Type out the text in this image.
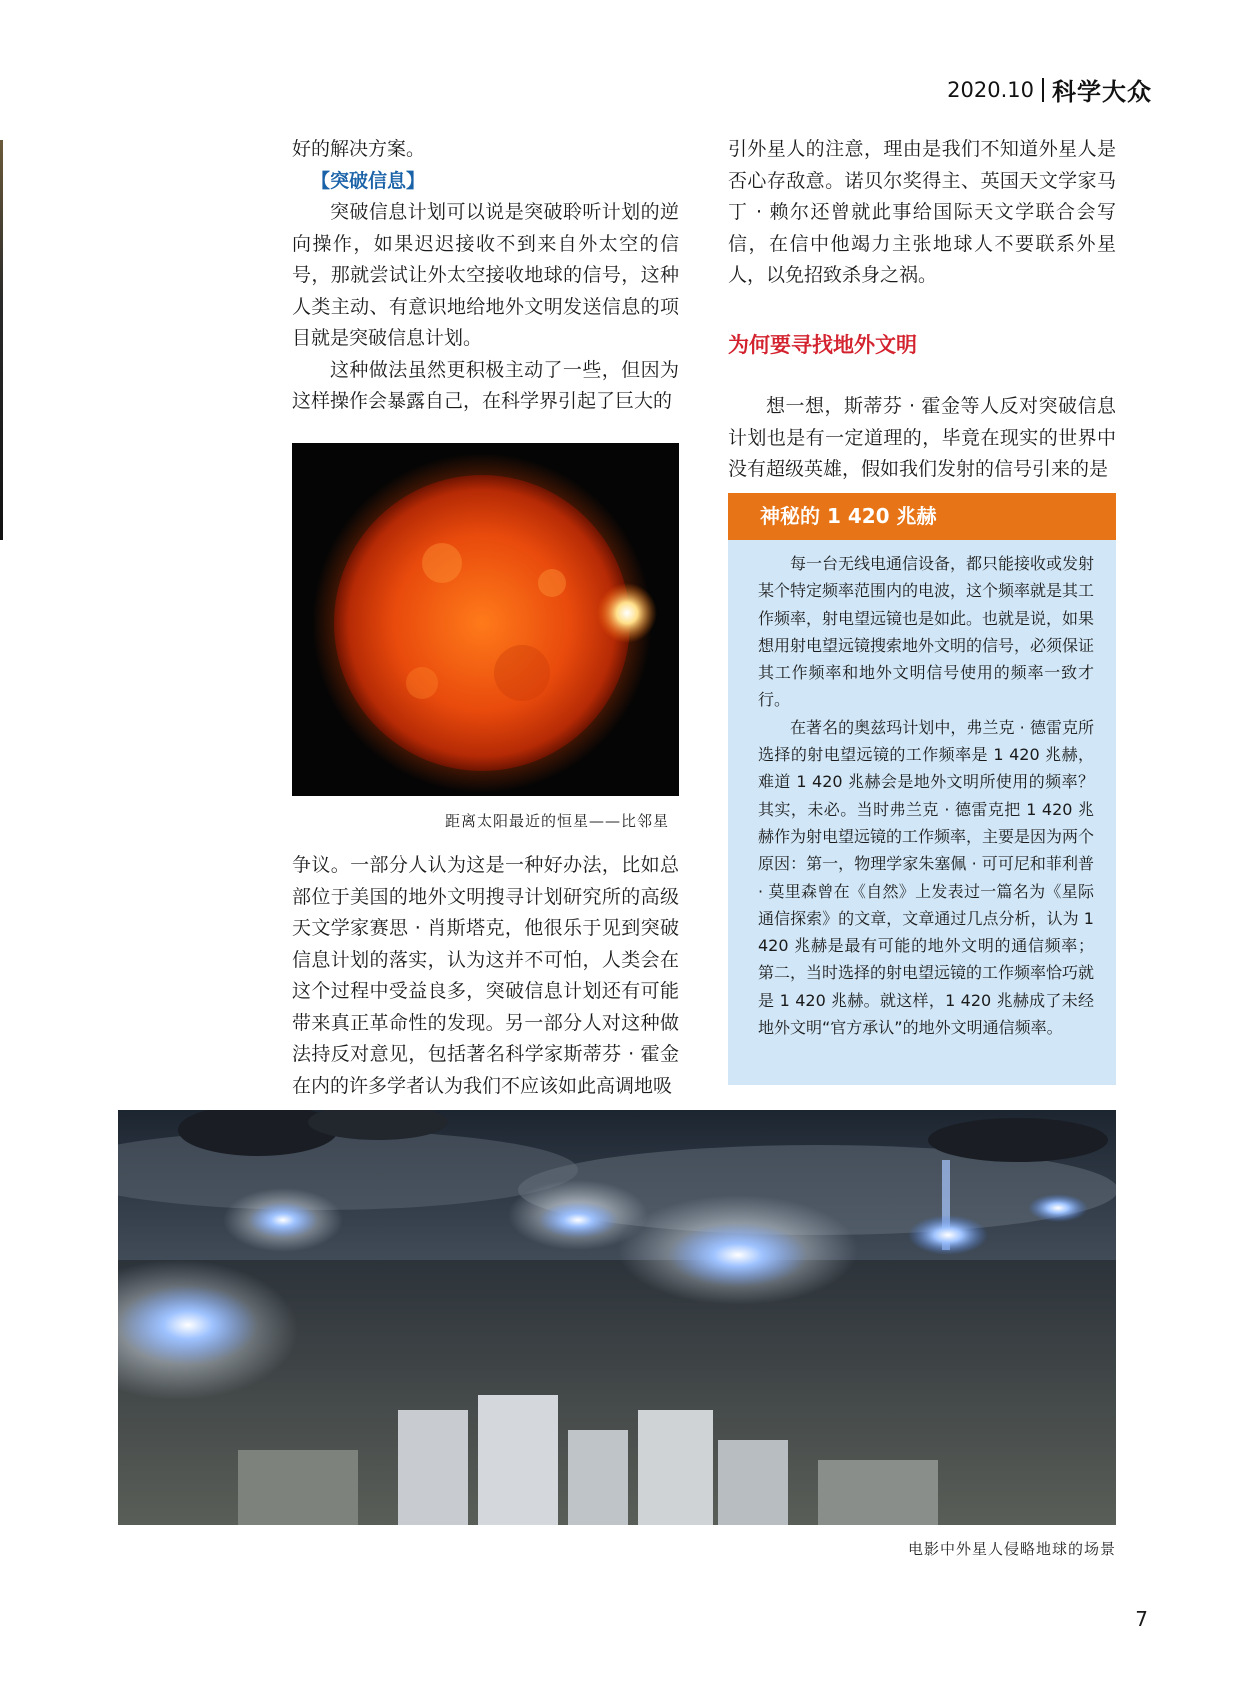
2020.10 科学大众

好的解决方案。

【突破信息】

突破信息计划可以说是突破聆听计划的逆向操作，如果迟迟接收不到来自外太空的信号，那就尝试让外太空接收地球的信号，这种人类主动、有意识地给地外文明发送信息的项目就是突破信息计划。

这种做法虽然更积极主动了一些，但因为这样操作会暴露自己，在科学界引起了巨大的

距离太阳最近的恒星——比邻星

争议。一部分人认为这是一种好办法，比如总部位于美国的地外文明搜寻计划研究所的高级天文学家赛思 · 肖斯塔克，他很乐于见到突破信息计划的落实，认为这并不可怕，人类会在这个过程中受益良多，突破信息计划还有可能带来真正革命性的发现。另一部分人对这种做法持反对意见，包括著名科学家斯蒂芬 · 霍金在内的许多学者认为我们不应该如此高调地吸

引外星人的注意，理由是我们不知道外星人是否心存敌意。诺贝尔奖得主、英国天文学家马丁 · 赖尔还曾就此事给国际天文学联合会写信，在信中他竭力主张地球人不要联系外星人，以免招致杀身之祸。

为何要寻找地外文明

想一想，斯蒂芬 · 霍金等人反对突破信息计划也是有一定道理的，毕竟在现实的世界中没有超级英雄，假如我们发射的信号引来的是

神秘的 1 420 兆赫

每一台无线电通信设备，都只能接收或发射某个特定频率范围内的电波，这个频率就是其工作频率，射电望远镜也是如此。也就是说，如果想用射电望远镜搜索地外文明的信号，必须保证其工作频率和地外文明信号使用的频率一致才行。

在著名的奥兹玛计划中，弗兰克 · 德雷克所选择的射电望远镜的工作频率是 1 420 兆赫，难道 1 420 兆赫会是地外文明所使用的频率？其实，未必。当时弗兰克 · 德雷克把 1 420 兆赫作为射电望远镜的工作频率，主要是因为两个原因：第一，物理学家朱塞佩 · 可可尼和菲利普 · 莫里森曾在《自然》上发表过一篇名为《星际通信探索》的文章，文章通过几点分析，认为 1 420 兆赫是最有可能的地外文明的通信频率；第二，当时选择的射电望远镜的工作频率恰巧就是 1 420 兆赫。就这样，1 420 兆赫成了未经地外文明“官方承认”的地外文明通信频率。

电影中外星人侵略地球的场景
7
